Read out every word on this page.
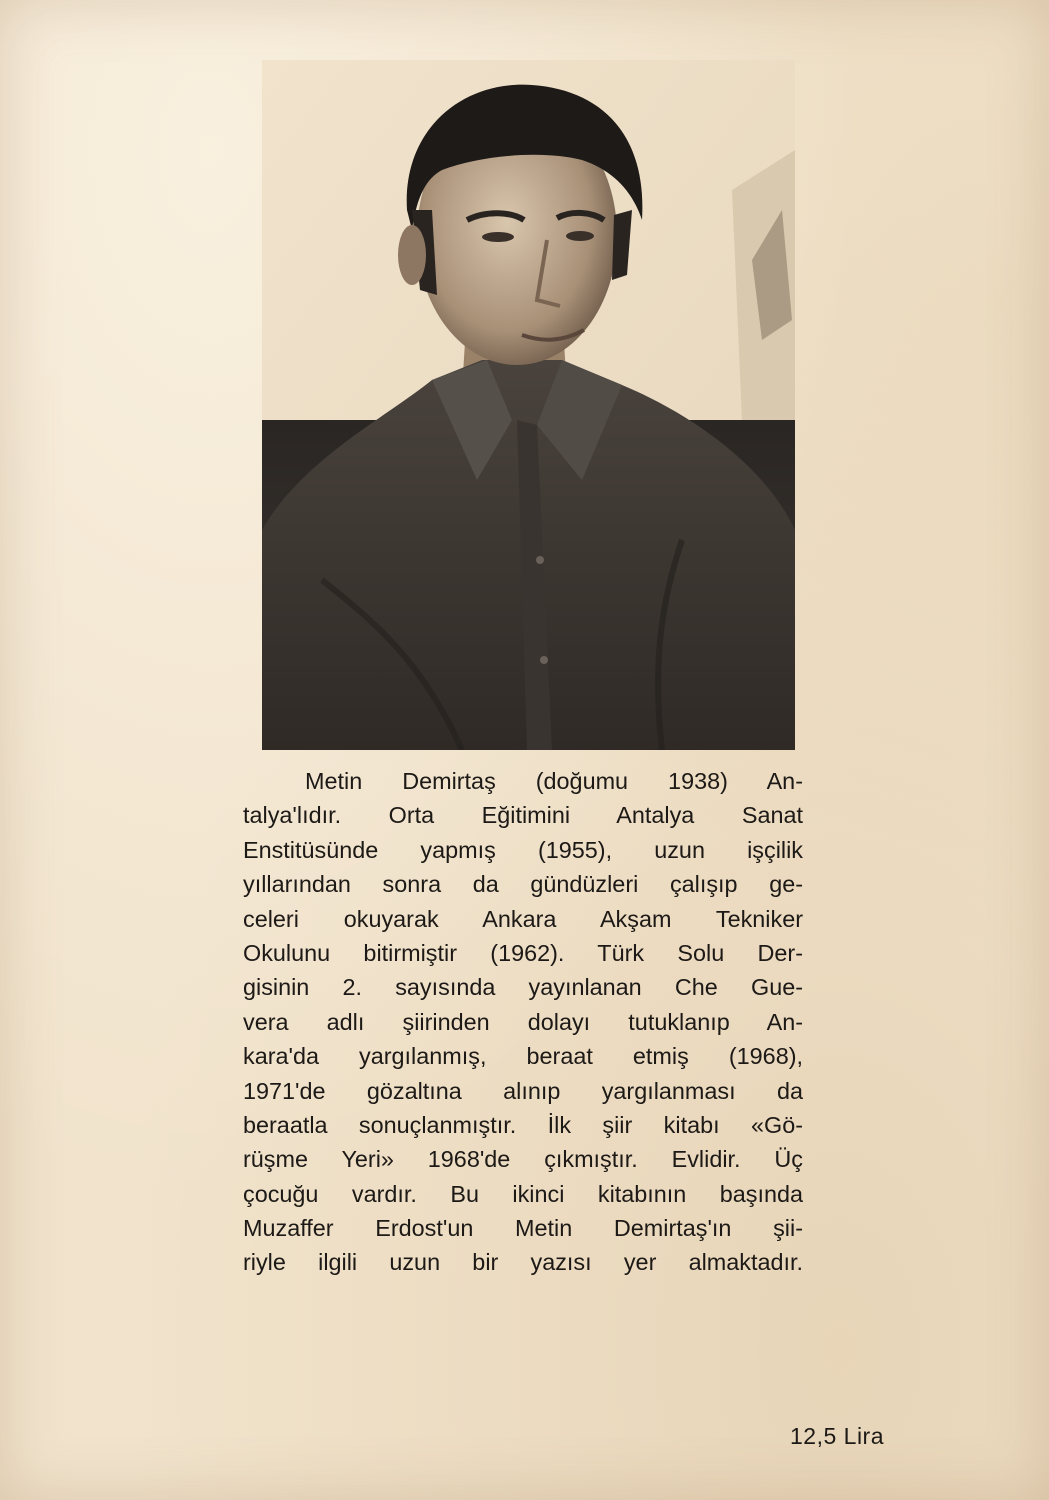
Metin Demirtaş (doğumu 1938) An-
talya'lıdır. Orta Eğitimini Antalya Sanat
Enstitüsünde yapmış (1955), uzun işçilik
yıllarından sonra da gündüzleri çalışıp ge-
celeri okuyarak Ankara Akşam Tekniker
Okulunu bitirmiştir (1962). Türk Solu Der-
gisinin 2. sayısında yayınlanan Che Gue-
vera adlı şiirinden dolayı tutuklanıp An-
kara'da yargılanmış, beraat etmiş (1968),
1971'de gözaltına alınıp yargılanması da
beraatla sonuçlanmıştır. İlk şiir kitabı «Gö-
rüşme Yeri» 1968'de çıkmıştır. Evlidir. Üç
çocuğu vardır. Bu ikinci kitabının başında
Muzaffer Erdost'un Metin Demirtaş'ın şii-
riyle ilgili uzun bir yazısı yer almaktadır.
12,5 Lira
